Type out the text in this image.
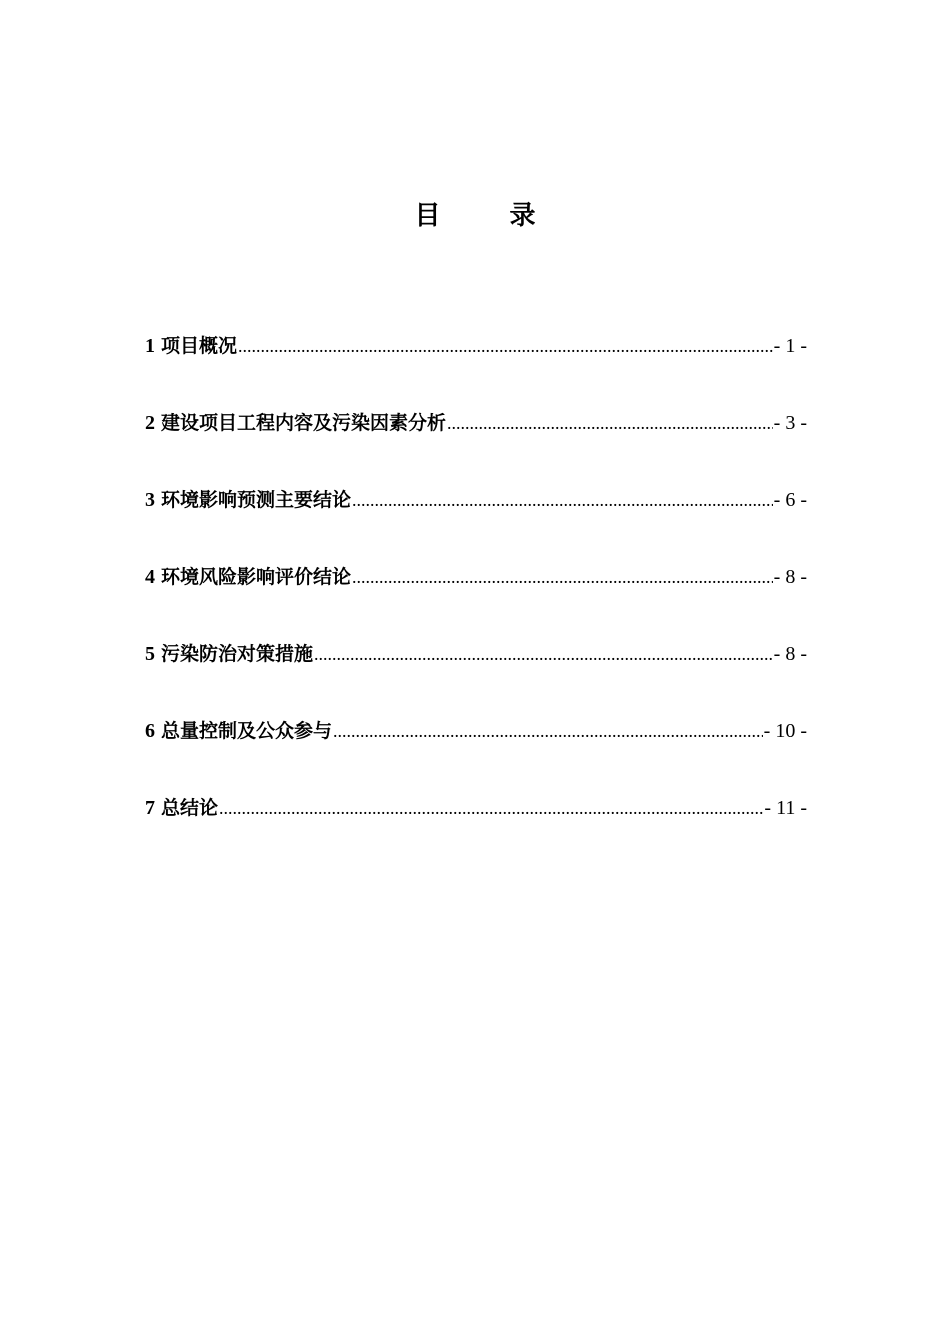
目 录
1 项目概况 .....	- 1 -
2 建设项目工程内容及污染因素分析 .....	- 3 -
3 环境影响预测主要结论 .....	- 6 -
4 环境风险影响评价结论 .....	- 8 -
5 污染防治对策措施 .....	- 8 -
6 总量控制及公众参与 .....	- 10 -
7 总结论 .....	- 11 -
